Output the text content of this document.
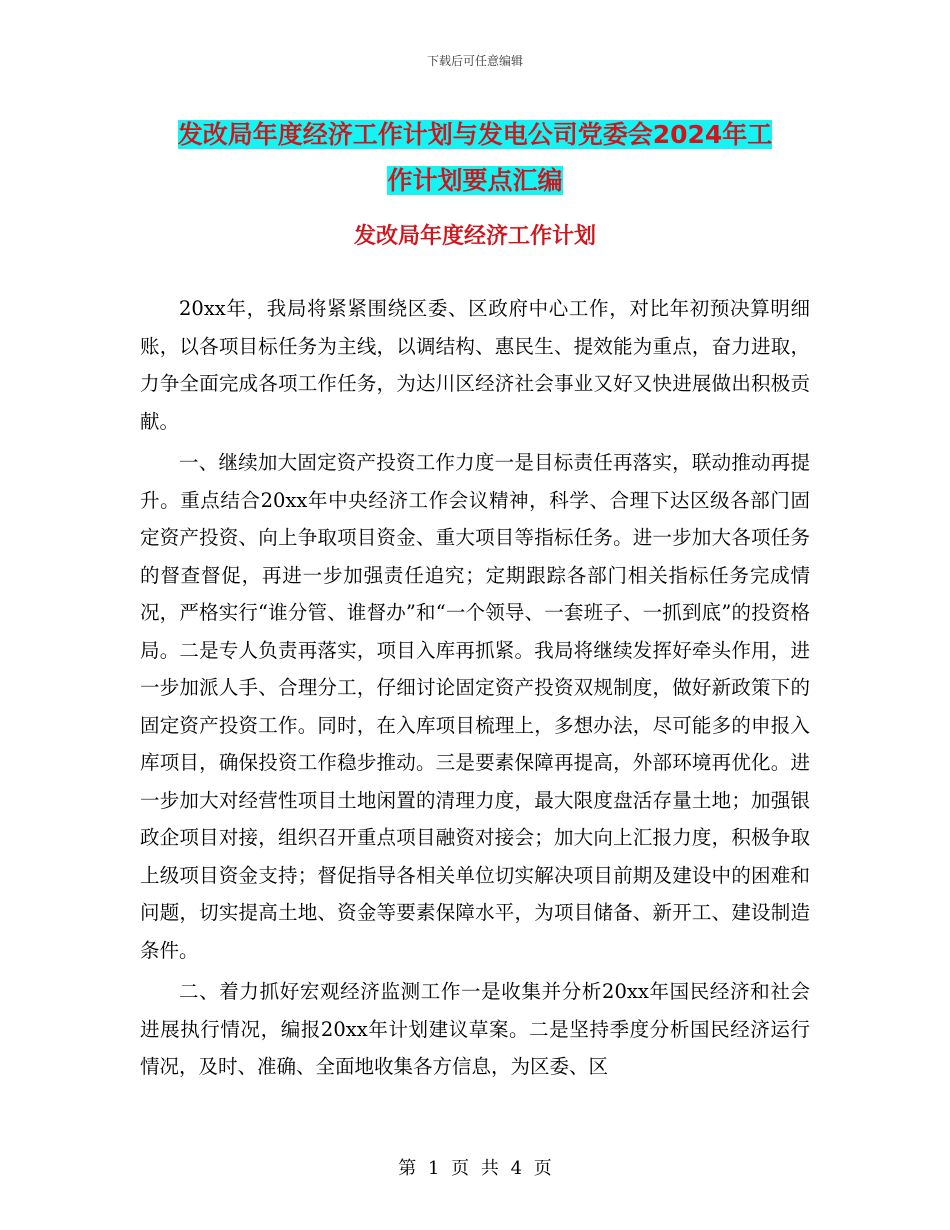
下载后可任意编辑
发改局年度经济工作计划与发电公司党委会2024年工
作计划要点汇编
发改局年度经济工作计划

20xx年，我局将紧紧围绕区委、区政府中心工作，对比年初预决算明细账，以各项目标任务为主线，以调结构、惠民生、提效能为重点，奋力进取，力争全面完成各项工作任务，为达川区经济社会事业又好又快进展做出积极贡献。

一、继续加大固定资产投资工作力度一是目标责任再落实，联动推动再提升。重点结合20xx年中央经济工作会议精神，科学、合理下达区级各部门固定资产投资、向上争取项目资金、重大项目等指标任务。进一步加大各项任务的督查督促，再进一步加强责任追究；定期跟踪各部门相关指标任务完成情况，严格实行“谁分管、谁督办”和“一个领导、一套班子、一抓到底”的投资格局。二是专人负责再落实，项目入库再抓紧。我局将继续发挥好牵头作用，进一步加派人手、合理分工，仔细讨论固定资产投资双规制度，做好新政策下的固定资产投资工作。同时，在入库项目梳理上，多想办法，尽可能多的申报入库项目，确保投资工作稳步推动。三是要素保障再提高，外部环境再优化。进一步加大对经营性项目土地闲置的清理力度，最大限度盘活存量土地；加强银政企项目对接，组织召开重点项目融资对接会；加大向上汇报力度，积极争取上级项目资金支持；督促指导各相关单位切实解决项目前期及建设中的困难和问题，切实提高土地、资金等要素保障水平，为项目储备、新开工、建设制造条件。

二、着力抓好宏观经济监测工作一是收集并分析20xx年国民经济和社会进展执行情况，编报20xx年计划建议草案。二是坚持季度分析国民经济运行情况，及时、准确、全面地收集各方信息，为区委、区

第 1 页 共 4 页
